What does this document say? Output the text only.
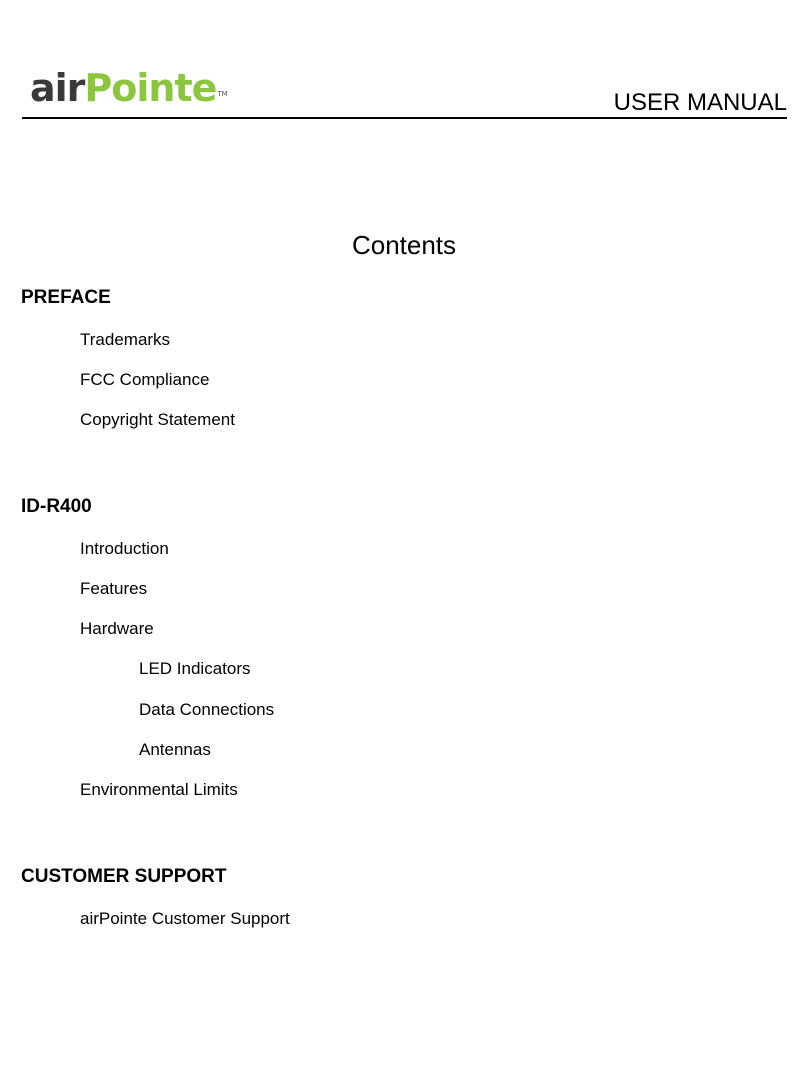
air Pointe TM	USER MANUAL
Contents
PREFACE
Trademarks
FCC Compliance
Copyright Statement
ID-R400
Introduction
Features
Hardware
LED Indicators
Data Connections
Antennas
Environmental Limits
CUSTOMER SUPPORT
airPointe Customer Support
